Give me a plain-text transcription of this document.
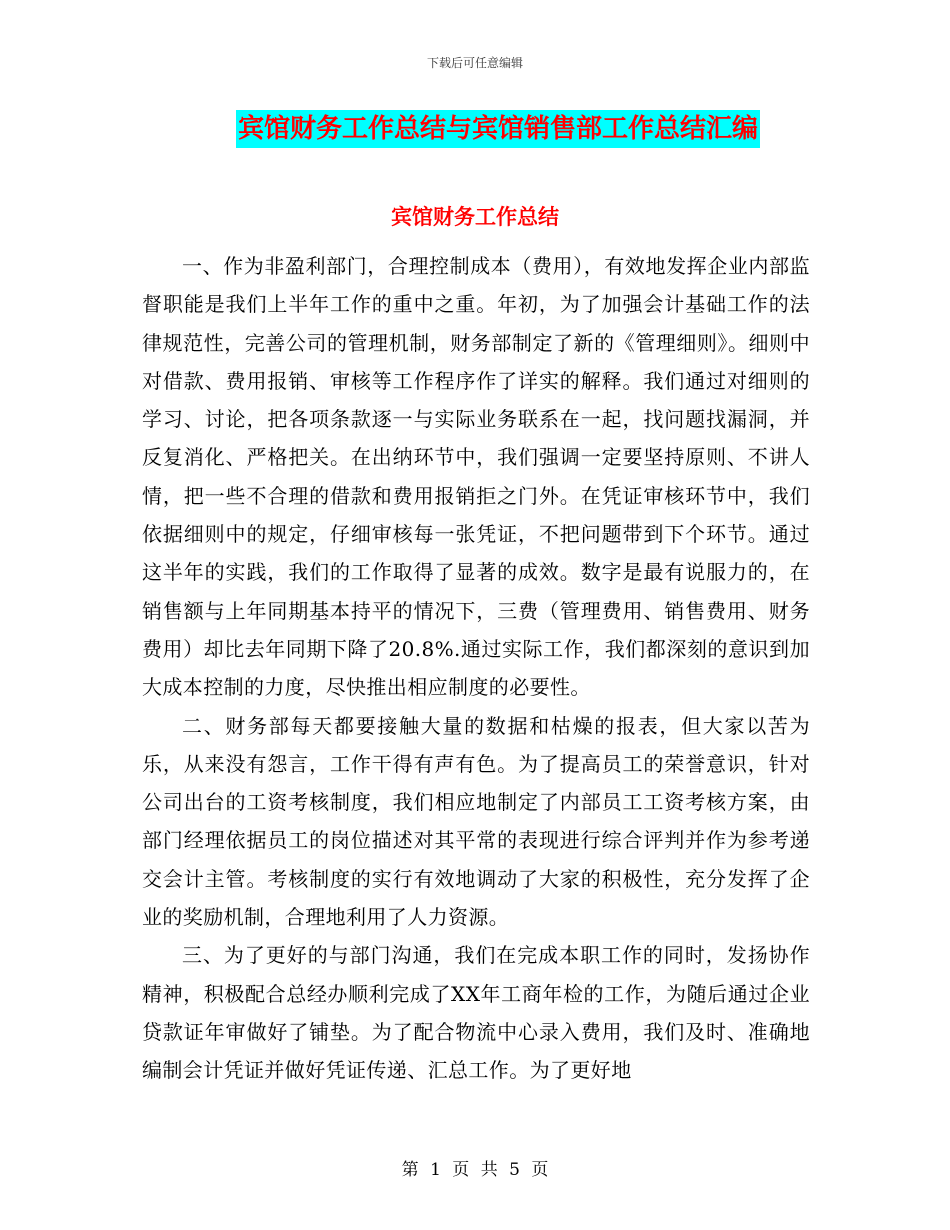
下载后可任意编辑
宾馆财务工作总结与宾馆销售部工作总结汇编
宾馆财务工作总结

一、作为非盈利部门，合理控制成本（费用），有效地发挥企业内部监督职能是我们上半年工作的重中之重。年初，为了加强会计基础工作的法律规范性，完善公司的管理机制，财务部制定了新的《管理细则》。细则中对借款、费用报销、审核等工作程序作了详实的解释。我们通过对细则的学习、讨论，把各项条款逐一与实际业务联系在一起，找问题找漏洞，并反复消化、严格把关。在出纳环节中，我们强调一定要坚持原则、不讲人情，把一些不合理的借款和费用报销拒之门外。在凭证审核环节中，我们依据细则中的规定，仔细审核每一张凭证，不把问题带到下个环节。通过这半年的实践，我们的工作取得了显著的成效。数字是最有说服力的，在销售额与上年同期基本持平的情况下，三费（管理费用、销售费用、财务费用）却比去年同期下降了20.8%.通过实际工作，我们都深刻的意识到加大成本控制的力度，尽快推出相应制度的必要性。

二、财务部每天都要接触大量的数据和枯燥的报表，但大家以苦为乐，从来没有怨言，工作干得有声有色。为了提高员工的荣誉意识，针对公司出台的工资考核制度，我们相应地制定了内部员工工资考核方案，由部门经理依据员工的岗位描述对其平常的表现进行综合评判并作为参考递交会计主管。考核制度的实行有效地调动了大家的积极性，充分发挥了企业的奖励机制，合理地利用了人力资源。

三、为了更好的与部门沟通，我们在完成本职工作的同时，发扬协作精神，积极配合总经办顺利完成了XX年工商年检的工作，为随后通过企业贷款证年审做好了铺垫。为了配合物流中心录入费用，我们及时、准确地编制会计凭证并做好凭证传递、汇总工作。为了更好地

第 1 页 共 5 页
